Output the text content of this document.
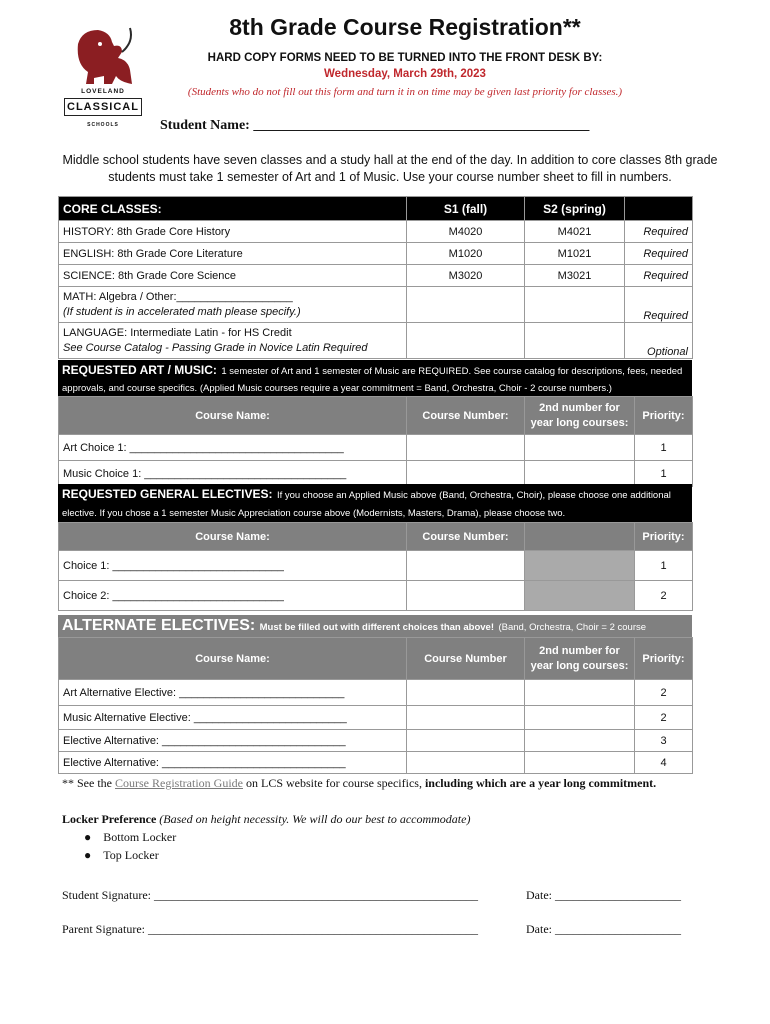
LOVELAND
CLASSICAL
SCHOOLS
8th Grade Course Registration**
HARD COPY FORMS NEED TO BE TURNED INTO THE FRONT DESK BY:
Wednesday, March 29th, 2023
(Students who do not fill out this form and turn it in on time may be given last priority for classes.)
Student Name: ________________________________________________
Middle school students have seven classes and a study hall at the end of the day. In addition to core classes 8th grade students must take 1 semester of Art and 1 of Music. Use your course number sheet to fill in numbers.
CORE CLASSES:	S1 (fall)	S2 (spring)	
HISTORY: 8th Grade Core History	M4020	M4021	Required
ENGLISH: 8th Grade Core Literature	M1020	M1021	Required
SCIENCE: 8th Grade Core Science	M3020	M3021	Required

MATH: Algebra / Other:___________________
(If student is in accelerated math please specify.)			Required

LANGUAGE: Intermediate Latin - for HS Credit
See Course Catalog - Passing Grade in Novice Latin Required			Optional
REQUESTED ART / MUSIC: 1 semester of Art and 1 semester of Music are REQUIRED. See course catalog for descriptions, fees, needed approvals, and course specifics. (Applied Music courses require a year commitment = Band, Orchestra, Choir - 2 course numbers.)
Course Name:	Course Number:	2nd number for year long courses:	Priority:
Art Choice 1: ___________________________________			1
Music Choice 1: _________________________________			1
REQUESTED GENERAL ELECTIVES: If you choose an Applied Music above (Band, Orchestra, Choir), please choose one additional elective. If you chose a 1 semester Music Appreciation course above (Modernists, Masters, Drama), please choose two.
Course Name:	Course Number:		Priority:
Choice 1: ____________________________			1
Choice 2: ____________________________			2
ALTERNATE ELECTIVES: Must be filled out with different choices than above! (Band, Orchestra, Choir = 2 course
Course Name:	Course Number	2nd number for year long courses:	Priority:
Art Alternative Elective: ___________________________			2
Music Alternative Elective: _________________________			2
Elective Alternative: ______________________________			3
Elective Alternative: ______________________________			4
** See the Course Registration Guide on LCS website for course specifics, including which are a year long commitment.
Locker Preference (Based on height necessity. We will do our best to accommodate)
● Bottom Locker
● Top Locker
Student Signature: ______________________________________________________	Date: _____________________
Parent Signature: _______________________________________________________	Date: _____________________
